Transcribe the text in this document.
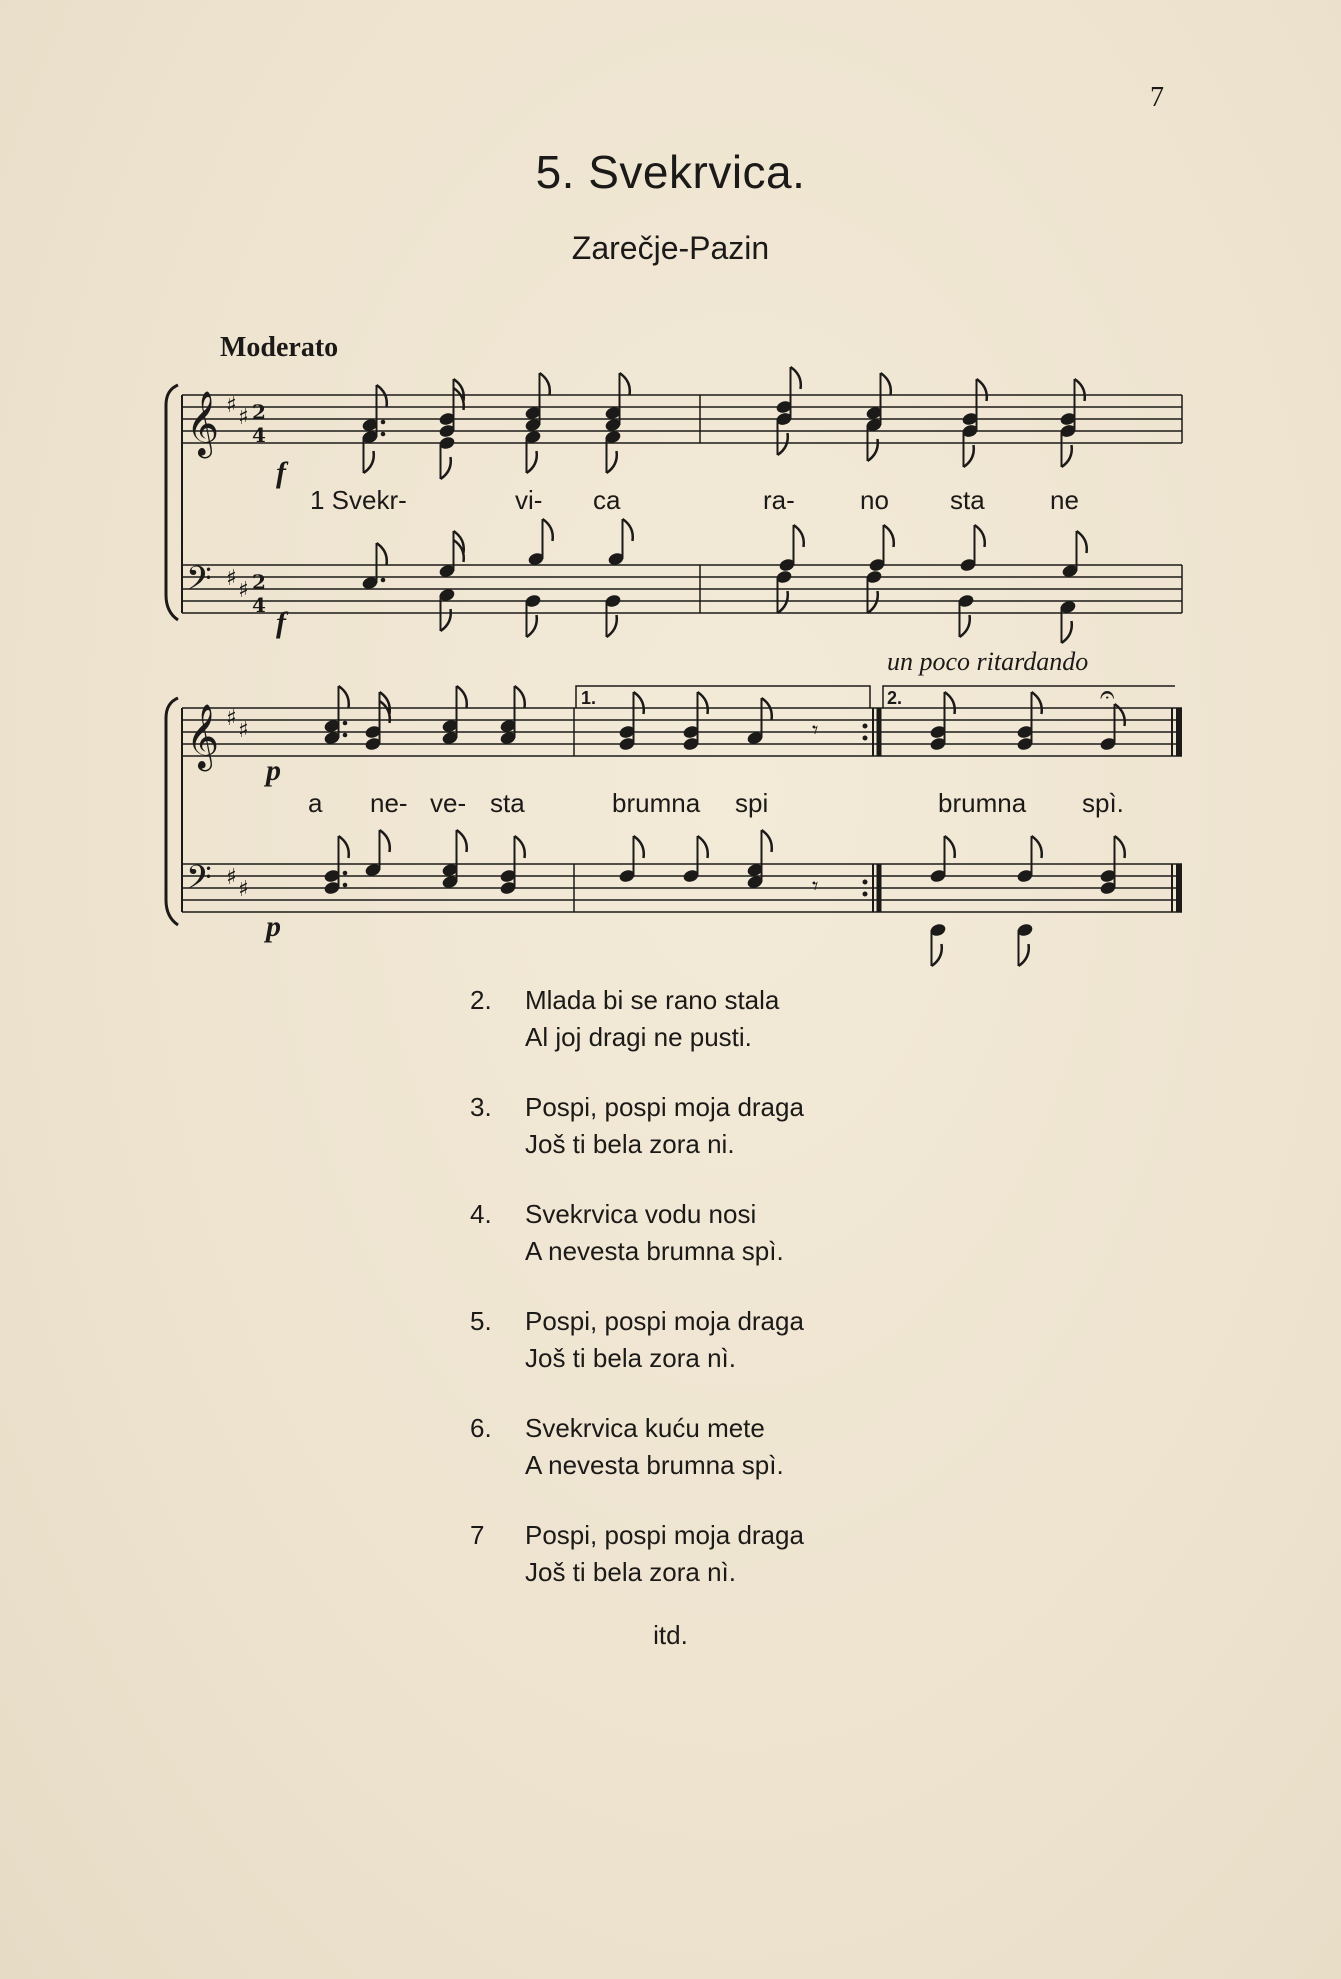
7
5. Svekrvica.
Zarečje-Pazin
Moderato
𝄞 ♯ ♯ 2
4
𝄢 ♯ ♯ 2
4
𝄞 ♯ ♯
𝄢 ♯ ♯
f
f
p
p
un poco ritardando
1.	2.
𝄾
𝄾
𝄐
1 Svekr-	vi- ca	ra-	no sta	ne
a ne- ve- sta	brumna spi	brumna spì.
2. Mlada bi se rano stala
Al joj dragi ne pusti.
3. Pospi, pospi moja draga
Još ti bela zora ni.
4. Svekrvica vodu nosi
A nevesta brumna spì.
5. Pospi, pospi moja draga
Još ti bela zora nì.
6. Svekrvica kuću mete
A nevesta brumna spì.
7 Pospi, pospi moja draga
Još ti bela zora nì.
itd.
